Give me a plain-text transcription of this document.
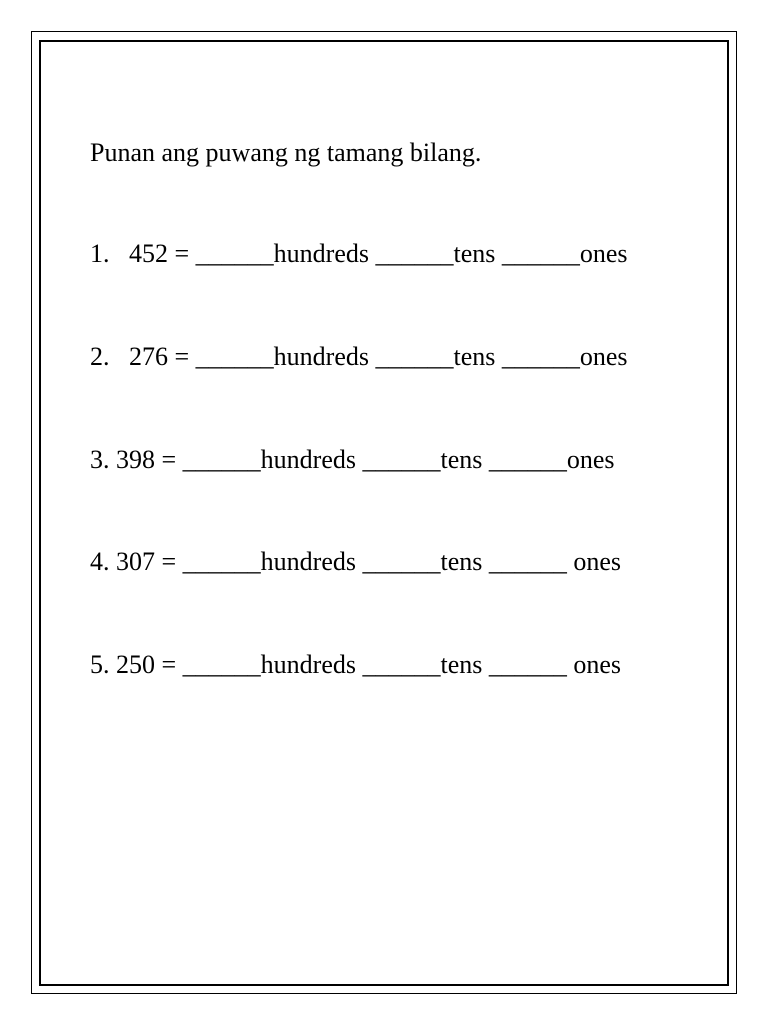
Punan ang puwang ng tamang bilang.
1.   452 = ______hundreds ______tens ______ones
2.   276 = ______hundreds ______tens ______ones
3. 398 = ______hundreds ______tens ______ones
4. 307 = ______hundreds ______tens ______ ones
5. 250 = ______hundreds ______tens ______ ones
